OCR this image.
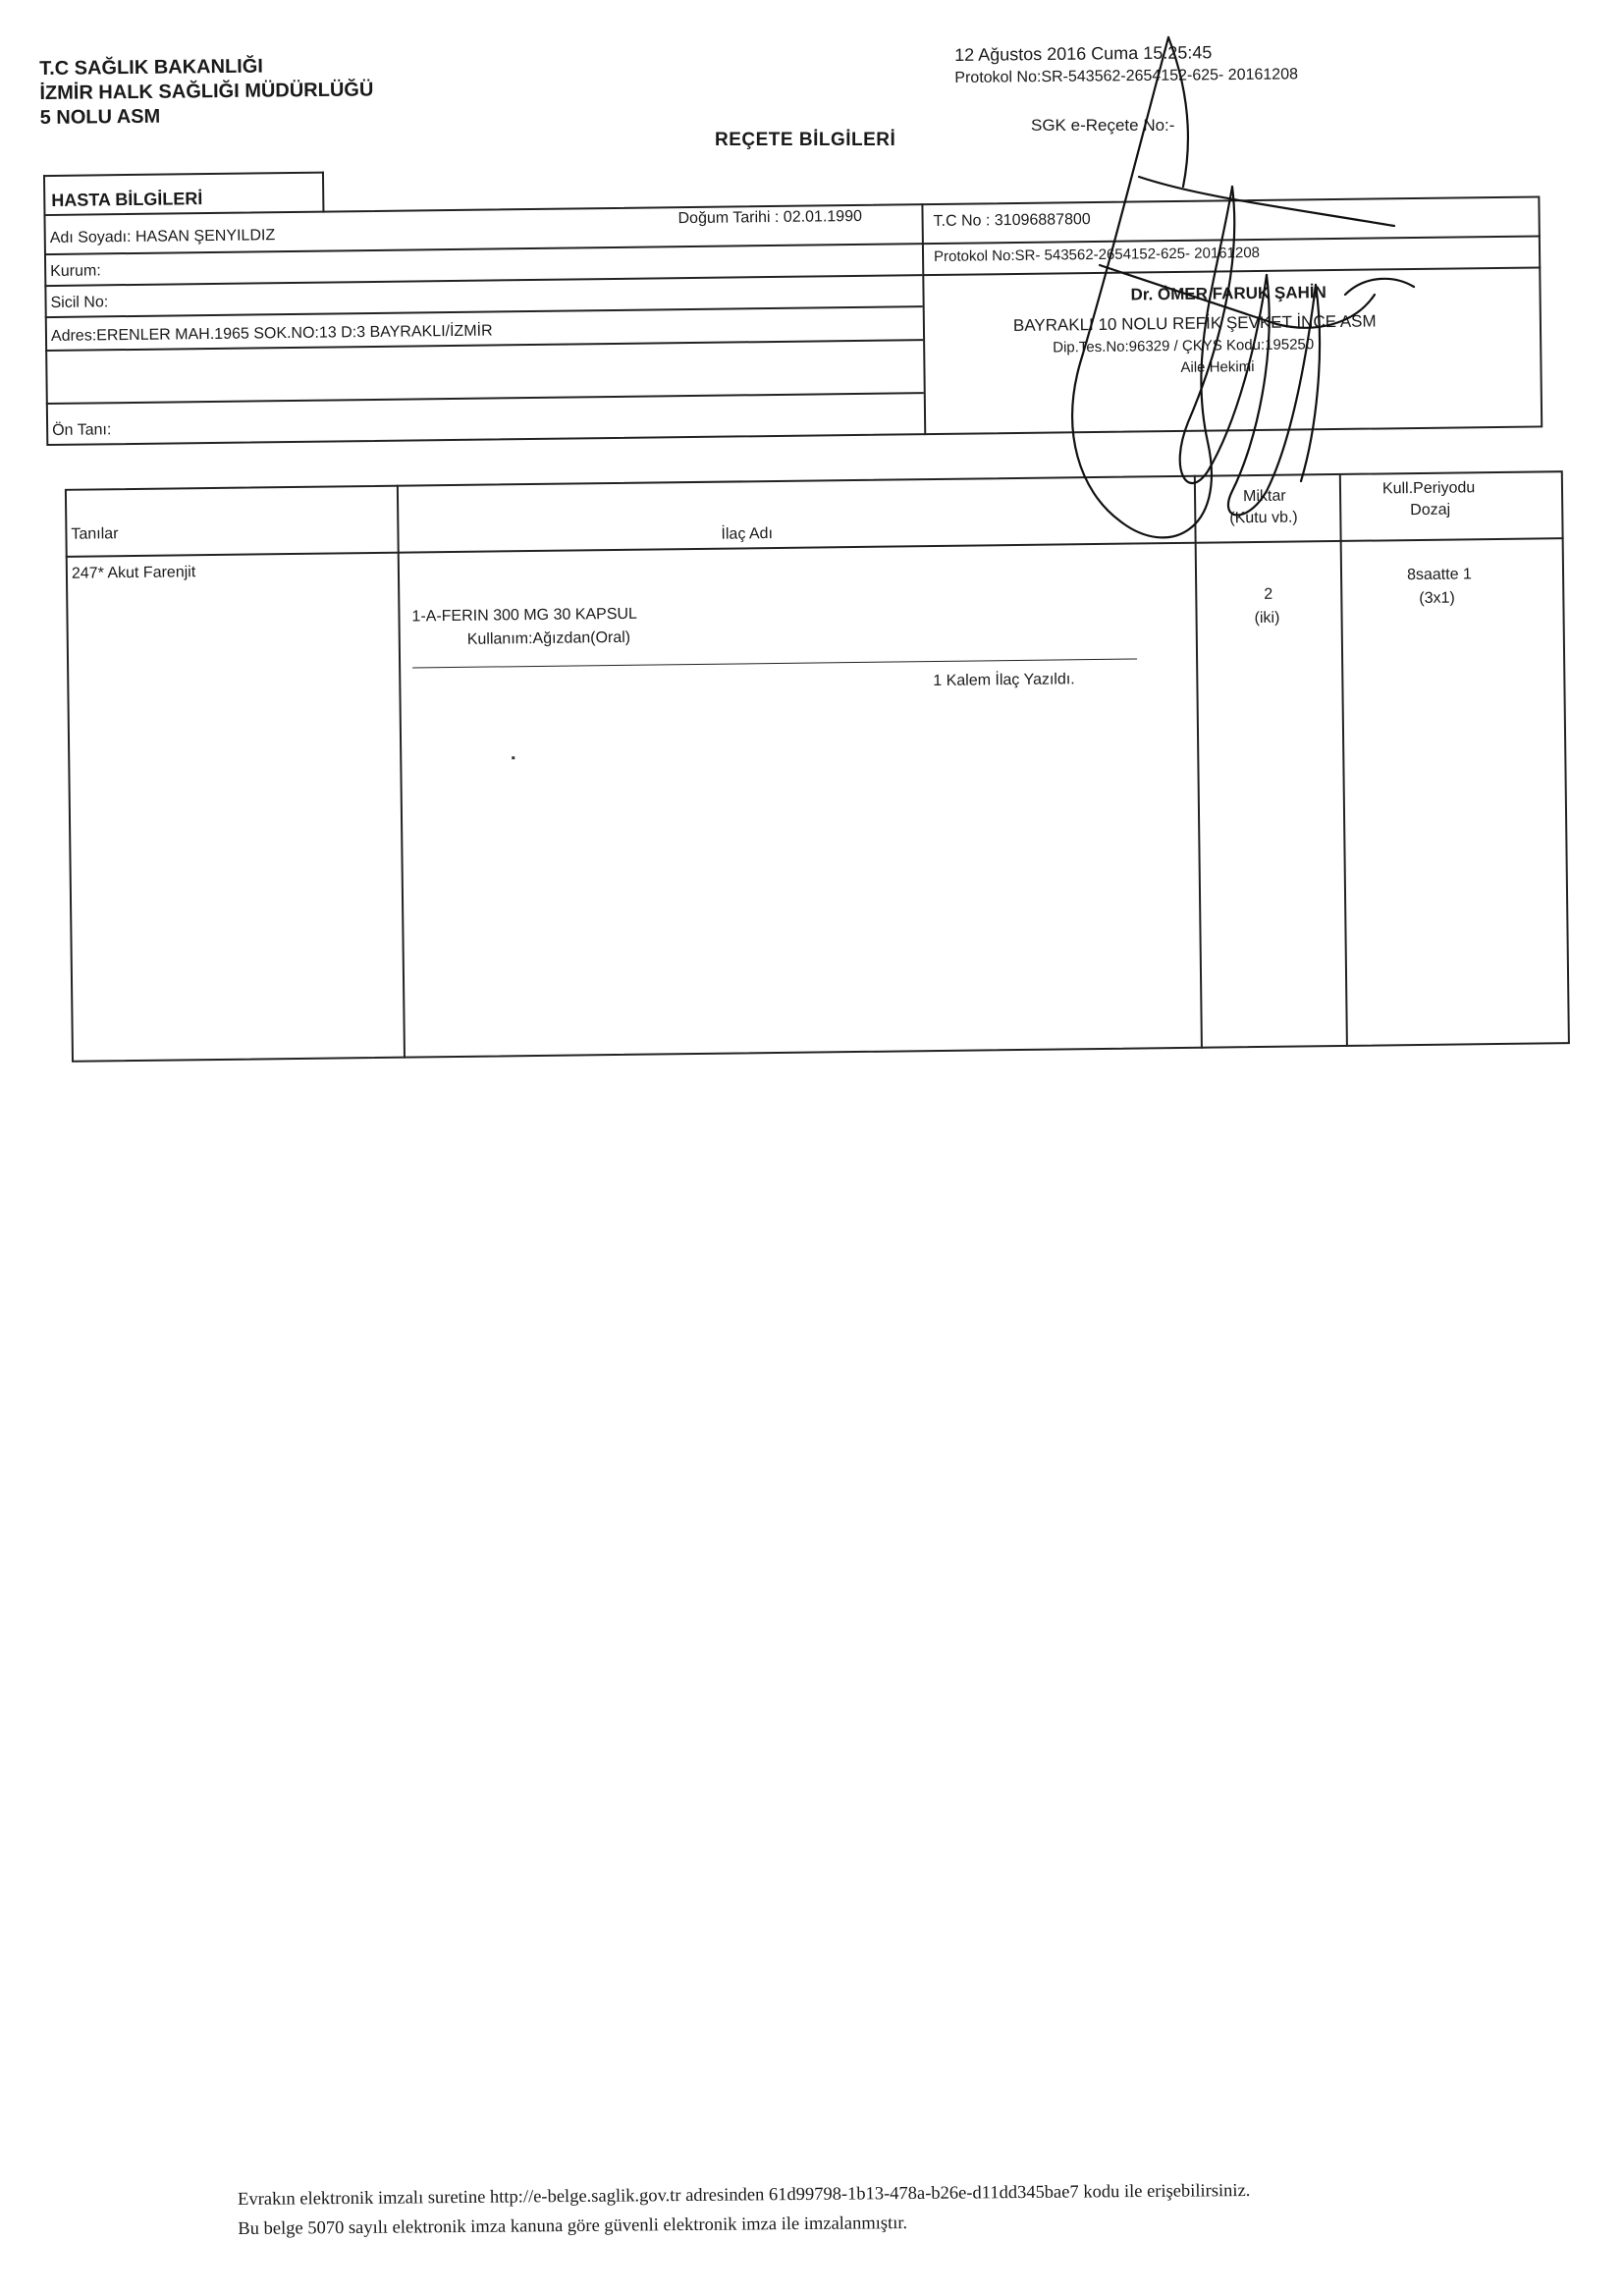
T.C SAĞLIK BAKANLIĞI
İZMİR HALK SAĞLIĞI MÜDÜRLÜĞÜ
5 NOLU ASM
12 Ağustos 2016 Cuma 15:25:45
Protokol No:SR-543562-2654152-625- 20161208
SGK e-Reçete No:-
REÇETE BİLGİLERİ
HASTA BİLGİLERİ
Adı Soyadı: HASAN ŞENYILDIZ
Doğum Tarihi : 02.01.1990
Kurum:
Sicil No:
Adres:ERENLER MAH.1965 SOK.NO:13 D:3 BAYRAKLI/İZMİR
Ön Tanı:
T.C No : 31096887800
Protokol No:SR- 543562-2654152-625- 20161208
Dr. ÖMER FARUK ŞAHİN
BAYRAKLI 10 NOLU REFİK ŞEVKET İNCE ASM
Dip.Tes.No:96329 / ÇKYS Kodu:195250
Aile Hekimi
Tanılar	İlaç Adı
Miktar
(Kutu vb.)
Kull.Periyodu
Dozaj
247* Akut Farenjit
1-A-FERIN 300 MG 30 KAPSUL
Kullanım:Ağızdan(Oral)
1 Kalem İlaç Yazıldı.
2
(iki)
8saatte 1
(3x1)
Evrakın elektronik imzalı suretine http://e-belge.saglik.gov.tr adresinden 61d99798-1b13-478a-b26e-d11dd345bae7 kodu ile erişebilirsiniz.
Bu belge 5070 sayılı elektronik imza kanuna göre güvenli elektronik imza ile imzalanmıştır.
